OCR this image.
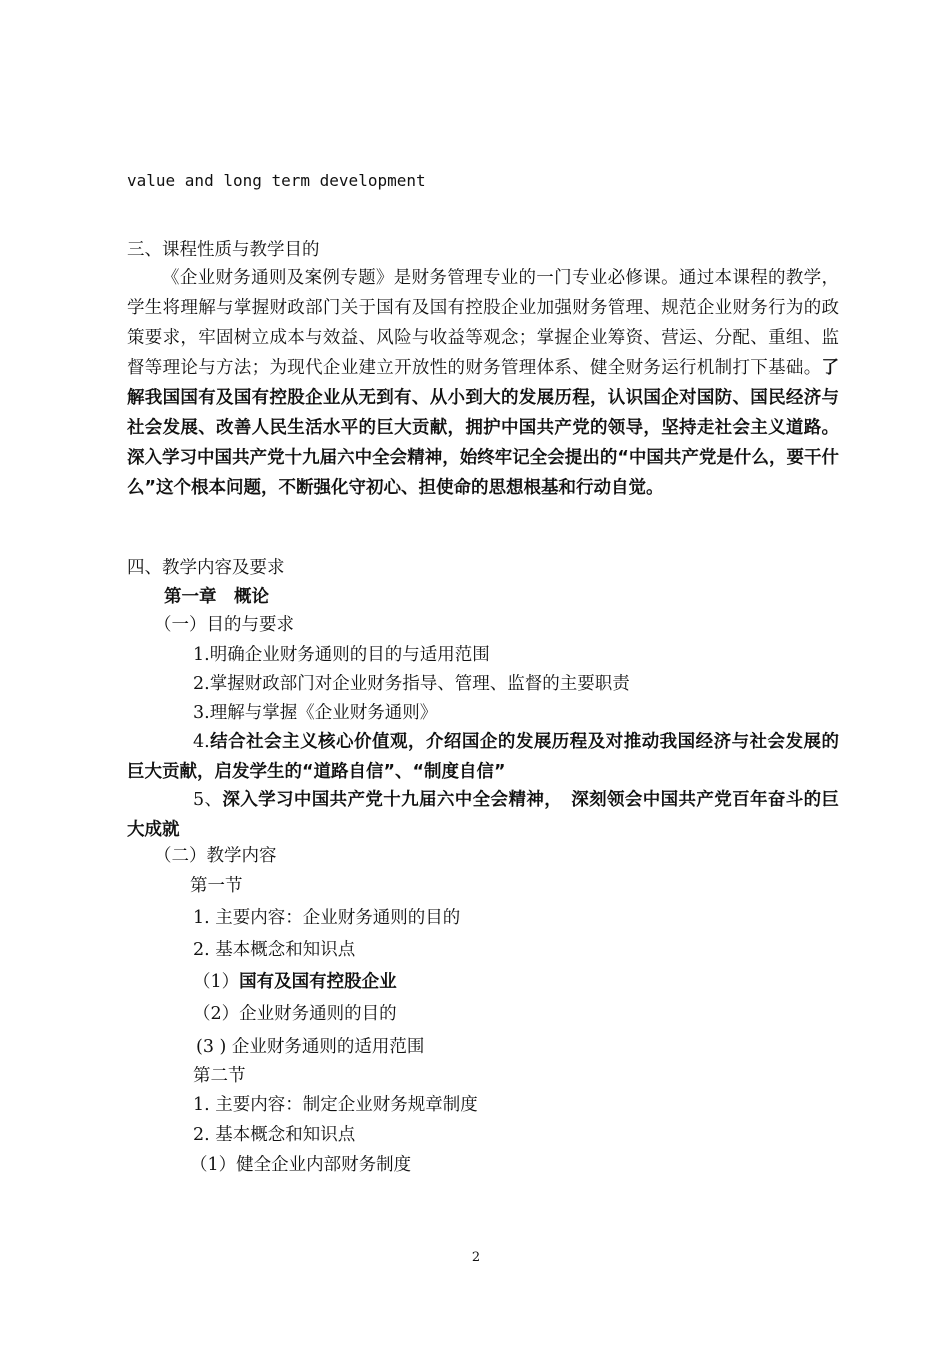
value and long term development
三、课程性质与教学目的
《企业财务通则及案例专题》是财务管理专业的一门专业必修课。通过本课程的教学，学生将理解与掌握财政部门关于国有及国有控股企业加强财务管理、规范企业财务行为的政策要求，牢固树立成本与效益、风险与收益等观念；掌握企业筹资、营运、分配、重组、监督等理论与方法；为现代企业建立开放性的财务管理体系、健全财务运行机制打下基础。了解我国国有及国有控股企业从无到有、从小到大的发展历程，认识国企对国防、国民经济与社会发展、改善人民生活水平的巨大贡献，拥护中国共产党的领导，坚持走社会主义道路。深入学习中国共产党十九届六中全会精神，始终牢记全会提出的“中国共产党是什么，要干什么”这个根本问题，不断强化守初心、担使命的思想根基和行动自觉。
四、教学内容及要求
第一章　概论
（一）目的与要求
1.明确企业财务通则的目的与适用范围
2.掌握财政部门对企业财务指导、管理、监督的主要职责
3.理解与掌握《企业财务通则》
4.结合社会主义核心价值观，介绍国企的发展历程及对推动我国经济与社会发展的巨大贡献，启发学生的“道路自信”、“制度自信”
5、深入学习中国共产党十九届六中全会精神，　深刻领会中国共产党百年奋斗的巨大成就
（二）教学内容
第一节
1. 主要内容：企业财务通则的目的
2. 基本概念和知识点
（1）国有及国有控股企业
（2）企业财务通则的目的
(3 ) 企业财务通则的适用范围
第二节
1. 主要内容：制定企业财务规章制度
2. 基本概念和知识点
（1）健全企业内部财务制度
2
